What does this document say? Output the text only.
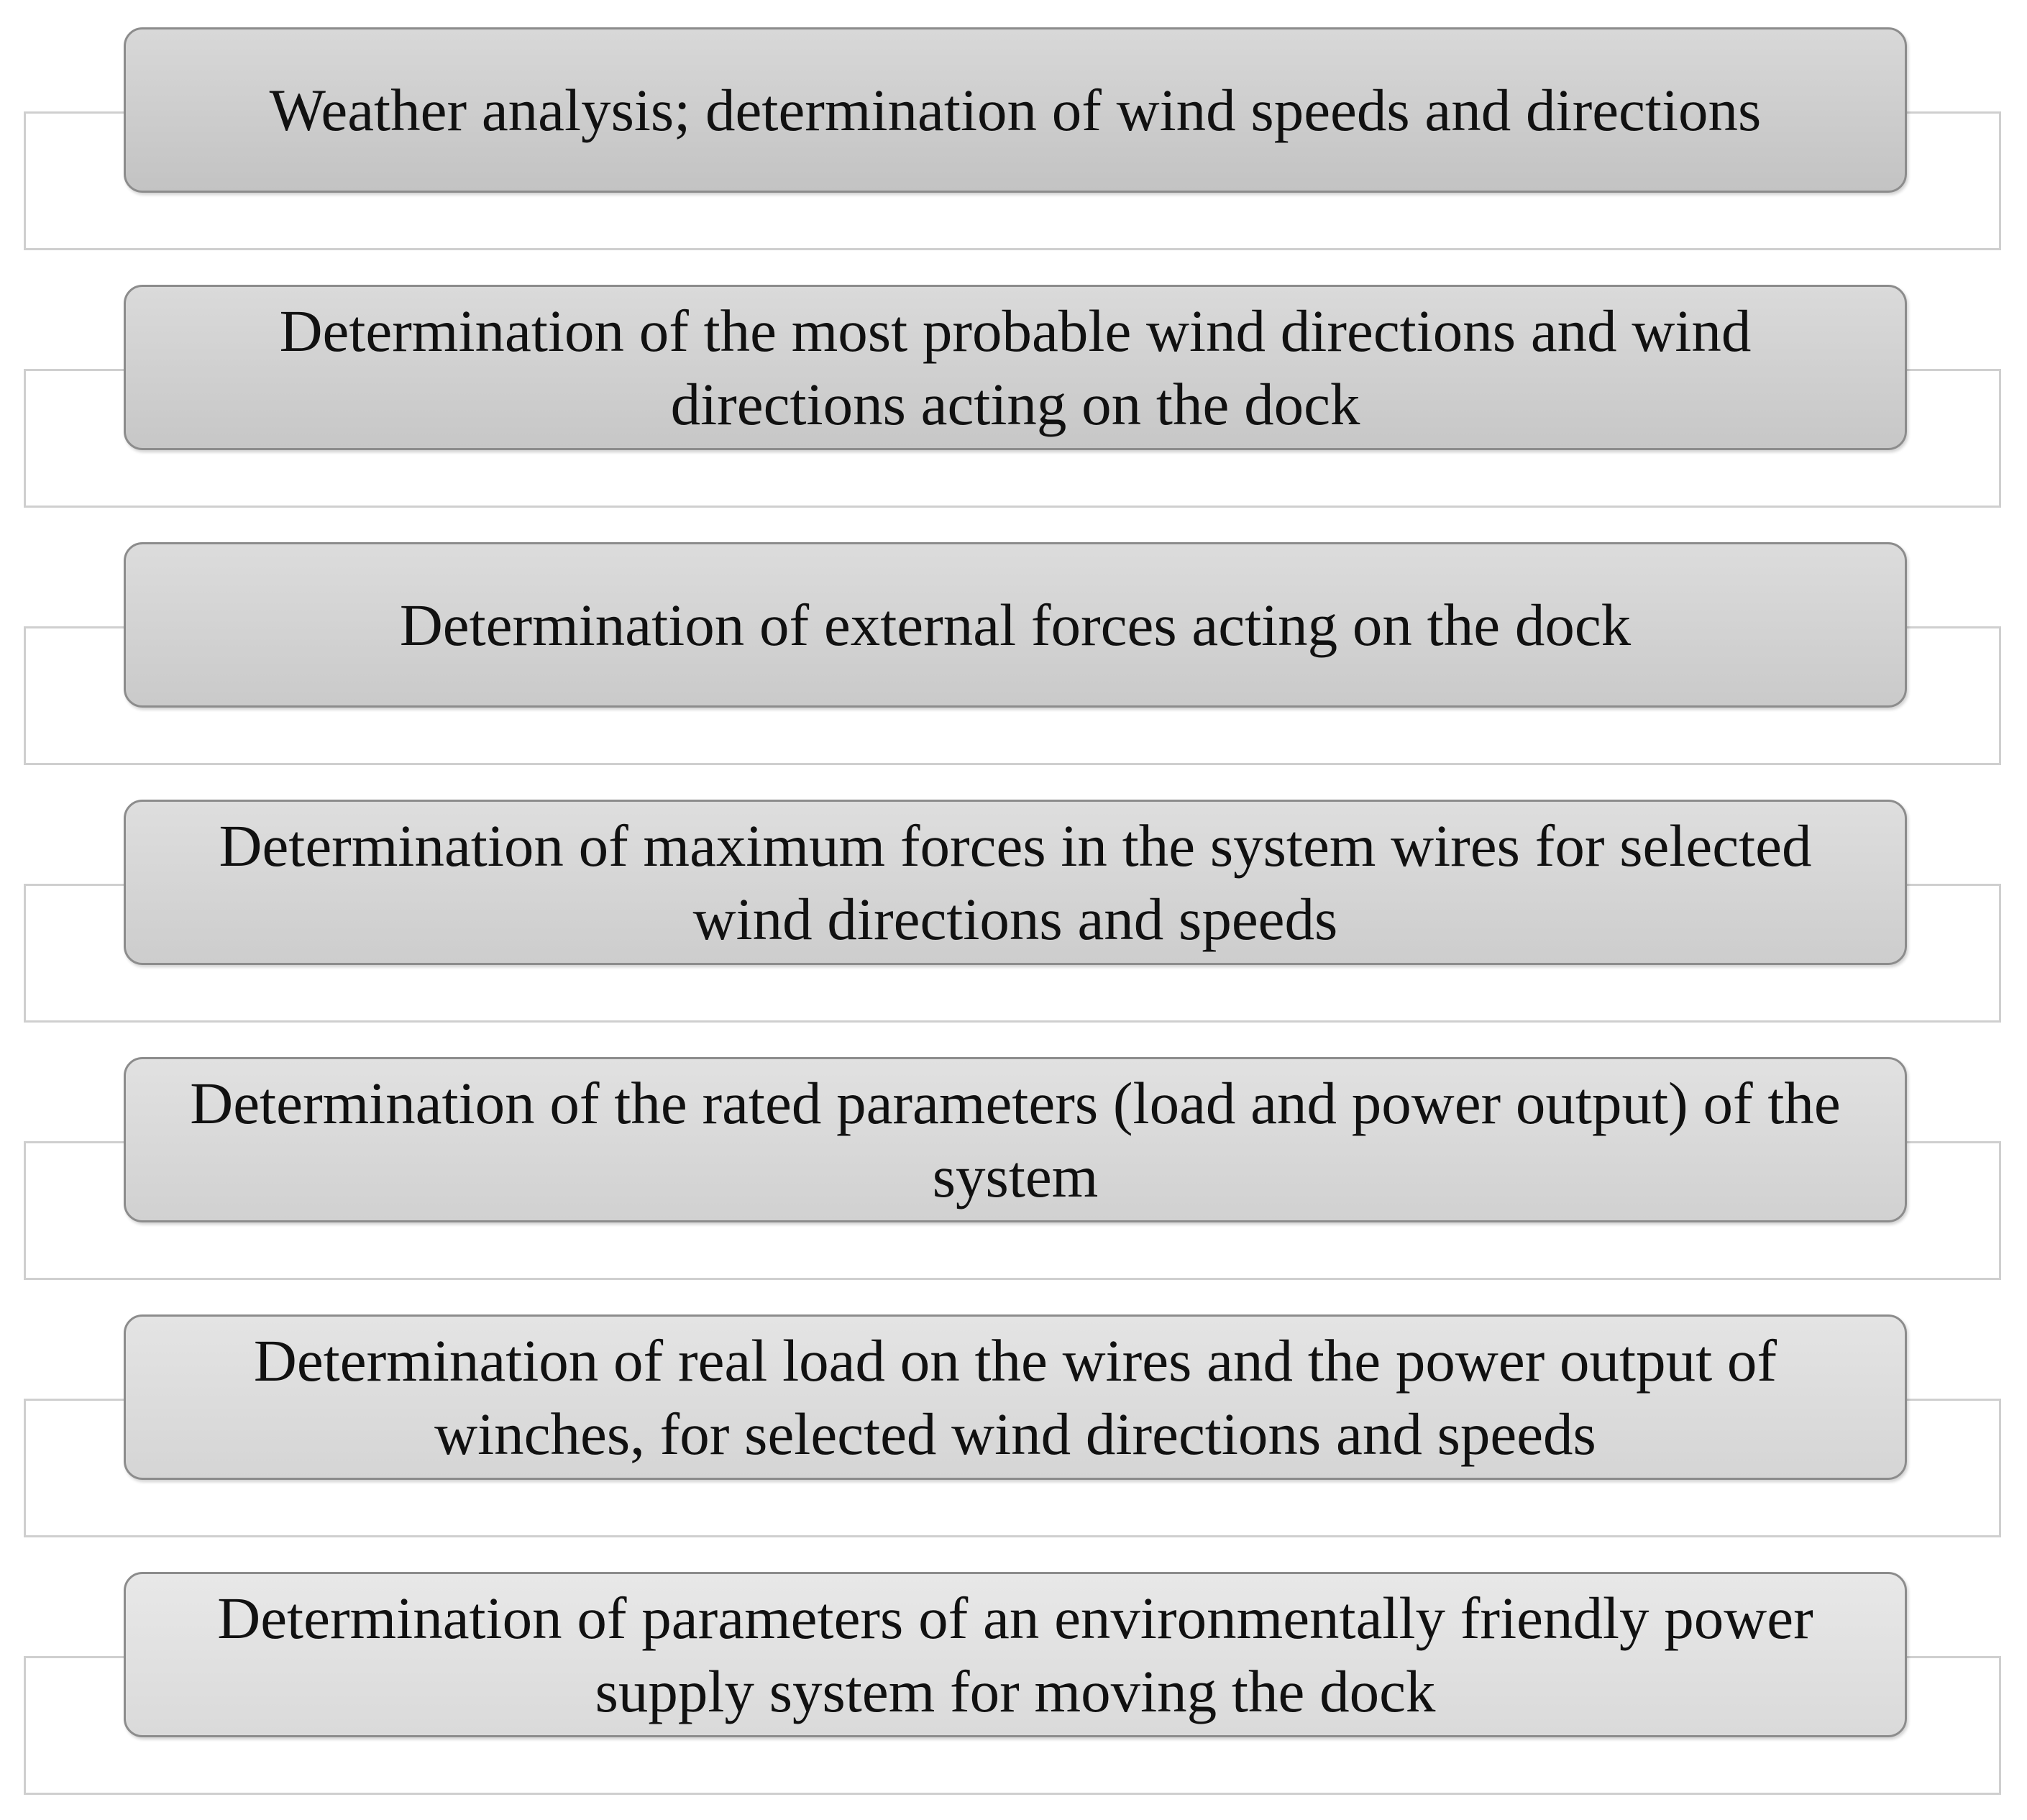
Weather analysis; determination of wind speeds and directions
Determination of the most probable wind directions and wind directions acting on the dock
Determination of external forces acting on the dock
Determination of maximum forces in the system wires for selected wind directions and speeds
Determination of the rated parameters (load and power output) of the system
Determination of real load on the wires and the power output of winches, for selected wind directions and speeds
Determination of parameters of an environmentally friendly power supply system for moving the dock
